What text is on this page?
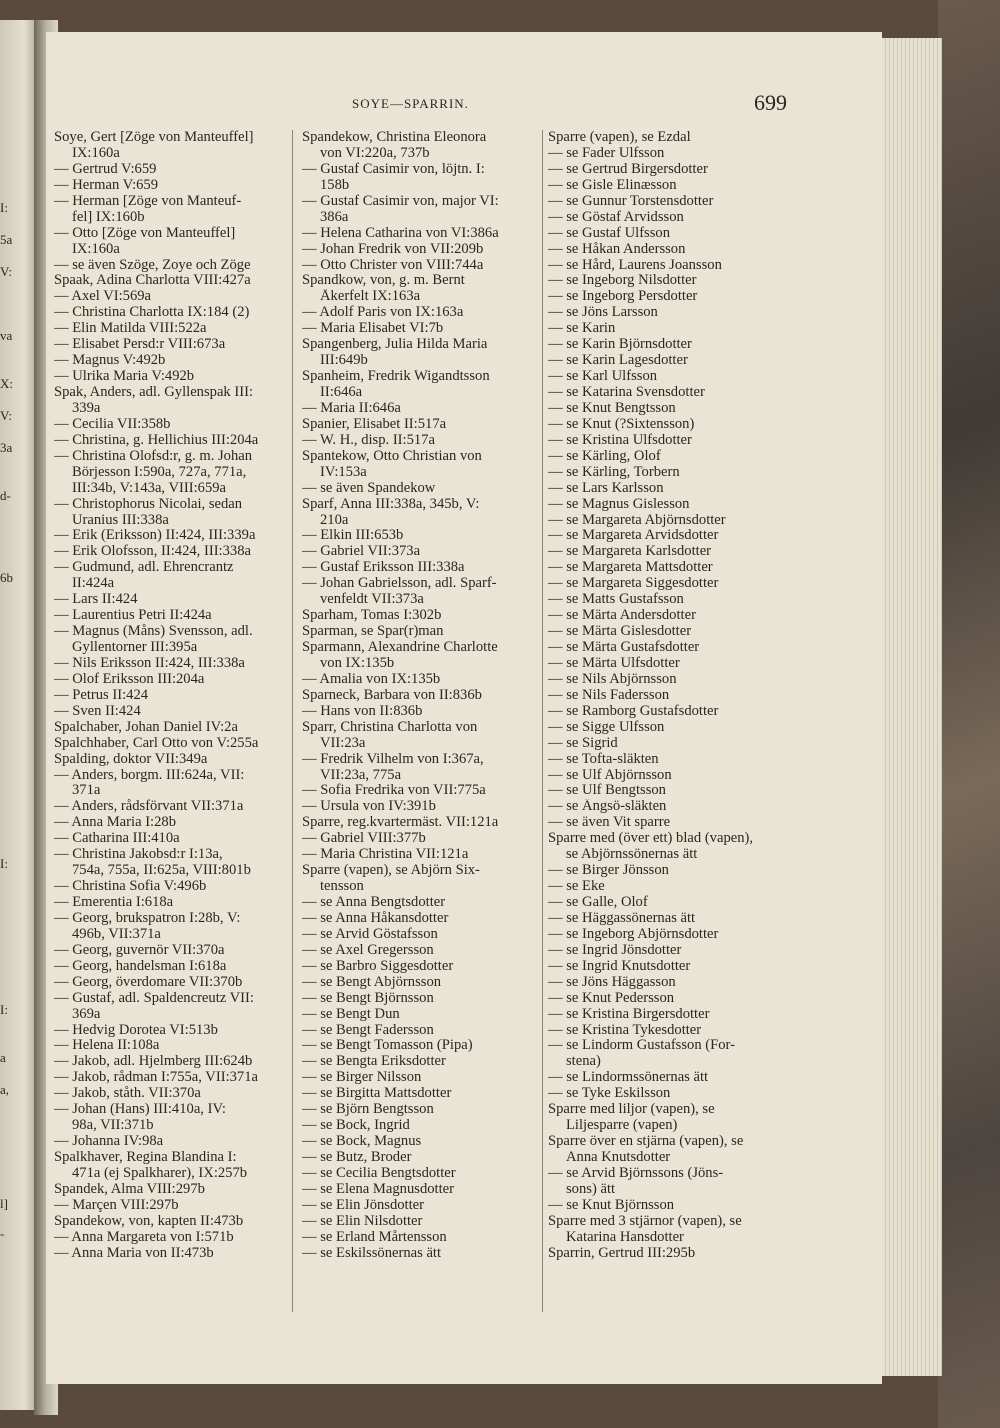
I:
5a
V:
va
X:
V:
3a
d-
6b
I:
I:
a
a,
l]
-
SOYE—SPARRIN.	699
Soye, Gert [Zöge von Manteuffel]
IX:160a
— Gertrud V:659
— Herman V:659
— Herman [Zöge von Manteuf-
fel] IX:160b
— Otto [Zöge von Manteuffel]
IX:160a
— se även Szöge, Zoye och Zöge
Spaak, Adina Charlotta VIII:427a
— Axel VI:569a
— Christina Charlotta IX:184 (2)
— Elin Matilda VIII:522a
— Elisabet Persd:r VIII:673a
— Magnus V:492b
— Ulrika Maria V:492b
Spak, Anders, adl. Gyllenspak III:
339a
— Cecilia VII:358b
— Christina, g. Hellichius III:204a
— Christina Olofsd:r, g. m. Johan
Börjesson I:590a, 727a, 771a,
III:34b, V:143a, VIII:659a
— Christophorus Nicolai, sedan
Uranius III:338a
— Erik (Eriksson) II:424, III:339a
— Erik Olofsson, II:424, III:338a
— Gudmund, adl. Ehrencrantz
II:424a
— Lars II:424
— Laurentius Petri II:424a
— Magnus (Måns) Svensson, adl.
Gyllentorner III:395a
— Nils Eriksson II:424, III:338a
— Olof Eriksson III:204a
— Petrus II:424
— Sven II:424
Spalchaber, Johan Daniel IV:2a
Spalchhaber, Carl Otto von V:255a
Spalding, doktor VII:349a
— Anders, borgm. III:624a, VII:
371a
— Anders, rådsförvant VII:371a
— Anna Maria I:28b
— Catharina III:410a
— Christina Jakobsd:r I:13a,
754a, 755a, II:625a, VIII:801b
— Christina Sofia V:496b
— Emerentia I:618a
— Georg, brukspatron I:28b, V:
496b, VII:371a
— Georg, guvernör VII:370a
— Georg, handelsman I:618a
— Georg, överdomare VII:370b
— Gustaf, adl. Spaldencreutz VII:
369a
— Hedvig Dorotea VI:513b
— Helena II:108a
— Jakob, adl. Hjelmberg III:624b
— Jakob, rådman I:755a, VII:371a
— Jakob, ståth. VII:370a
— Johan (Hans) III:410a, IV:
98a, VII:371b
— Johanna IV:98a
Spalkhaver, Regina Blandina I:
471a (ej Spalkharer), IX:257b
Spandek, Alma VIII:297b
— Marçen VIII:297b
Spandekow, von, kapten II:473b
— Anna Margareta von I:571b
— Anna Maria von II:473b
Spandekow, Christina Eleonora
von VI:220a, 737b
— Gustaf Casimir von, löjtn. I:
158b
— Gustaf Casimir von, major VI:
386a
— Helena Catharina von VI:386a
— Johan Fredrik von VII:209b
— Otto Christer von VIII:744a
Spandkow, von, g. m. Bernt
Åkerfelt IX:163a
— Adolf Paris von IX:163a
— Maria Elisabet VI:7b
Spangenberg, Julia Hilda Maria
III:649b
Spanheim, Fredrik Wigandtsson
II:646a
— Maria II:646a
Spanier, Elisabet II:517a
— W. H., disp. II:517a
Spantekow, Otto Christian von
IV:153a
— se även Spandekow
Sparf, Anna III:338a, 345b, V:
210a
— Elkin III:653b
— Gabriel VII:373a
— Gustaf Eriksson III:338a
— Johan Gabrielsson, adl. Sparf-
venfeldt VII:373a
Sparham, Tomas I:302b
Sparman, se Spar(r)man
Sparmann, Alexandrine Charlotte
von IX:135b
— Amalia von IX:135b
Sparneck, Barbara von II:836b
— Hans von II:836b
Sparr, Christina Charlotta von
VII:23a
— Fredrik Vilhelm von I:367a,
VII:23a, 775a
— Sofia Fredrika von VII:775a
— Ursula von IV:391b
Sparre, reg.kvartermäst. VII:121a
— Gabriel VIII:377b
— Maria Christina VII:121a
Sparre (vapen), se Abjörn Six-
tensson
— se Anna Bengtsdotter
— se Anna Håkansdotter
— se Arvid Göstafsson
— se Axel Gregersson
— se Barbro Siggesdotter
— se Bengt Abjörnsson
— se Bengt Björnsson
— se Bengt Dun
— se Bengt Fadersson
— se Bengt Tomasson (Pipa)
— se Bengta Eriksdotter
— se Birger Nilsson
— se Birgitta Mattsdotter
— se Björn Bengtsson
— se Bock, Ingrid
— se Bock, Magnus
— se Butz, Broder
— se Cecilia Bengtsdotter
— se Elena Magnusdotter
— se Elin Jönsdotter
— se Elin Nilsdotter
— se Erland Mårtensson
— se Eskilssönernas ätt
Sparre (vapen), se Ezdal
— se Fader Ulfsson
— se Gertrud Birgersdotter
— se Gisle Elinæsson
— se Gunnur Torstensdotter
— se Göstaf Arvidsson
— se Gustaf Ulfsson
— se Håkan Andersson
— se Hård, Laurens Joansson
— se Ingeborg Nilsdotter
— se Ingeborg Persdotter
— se Jöns Larsson
— se Karin
— se Karin Björnsdotter
— se Karin Lagesdotter
— se Karl Ulfsson
— se Katarina Svensdotter
— se Knut Bengtsson
— se Knut (?Sixtensson)
— se Kristina Ulfsdotter
— se Kärling, Olof
— se Kärling, Torbern
— se Lars Karlsson
— se Magnus Gislesson
— se Margareta Abjörnsdotter
— se Margareta Arvidsdotter
— se Margareta Karlsdotter
— se Margareta Mattsdotter
— se Margareta Siggesdotter
— se Matts Gustafsson
— se Märta Andersdotter
— se Märta Gislesdotter
— se Märta Gustafsdotter
— se Märta Ulfsdotter
— se Nils Abjörnsson
— se Nils Fadersson
— se Ramborg Gustafsdotter
— se Sigge Ulfsson
— se Sigrid
— se Tofta-släkten
— se Ulf Abjörnsson
— se Ulf Bengtsson
— se Ängsö-släkten
— se även Vit sparre
Sparre med (över ett) blad (vapen),
se Abjörnssönernas ätt
— se Birger Jönsson
— se Eke
— se Galle, Olof
— se Häggassönernas ätt
— se Ingeborg Abjörnsdotter
— se Ingrid Jönsdotter
— se Ingrid Knutsdotter
— se Jöns Häggasson
— se Knut Pedersson
— se Kristina Birgersdotter
— se Kristina Tykesdotter
— se Lindorm Gustafsson (For-
stena)
— se Lindormssönernas ätt
— se Tyke Eskilsson
Sparre med liljor (vapen), se
Liljesparre (vapen)
Sparre över en stjärna (vapen), se
Anna Knutsdotter
— se Arvid Björnssons (Jöns-
sons) ätt
— se Knut Björnsson
Sparre med 3 stjärnor (vapen), se
Katarina Hansdotter
Sparrin, Gertrud III:295b
